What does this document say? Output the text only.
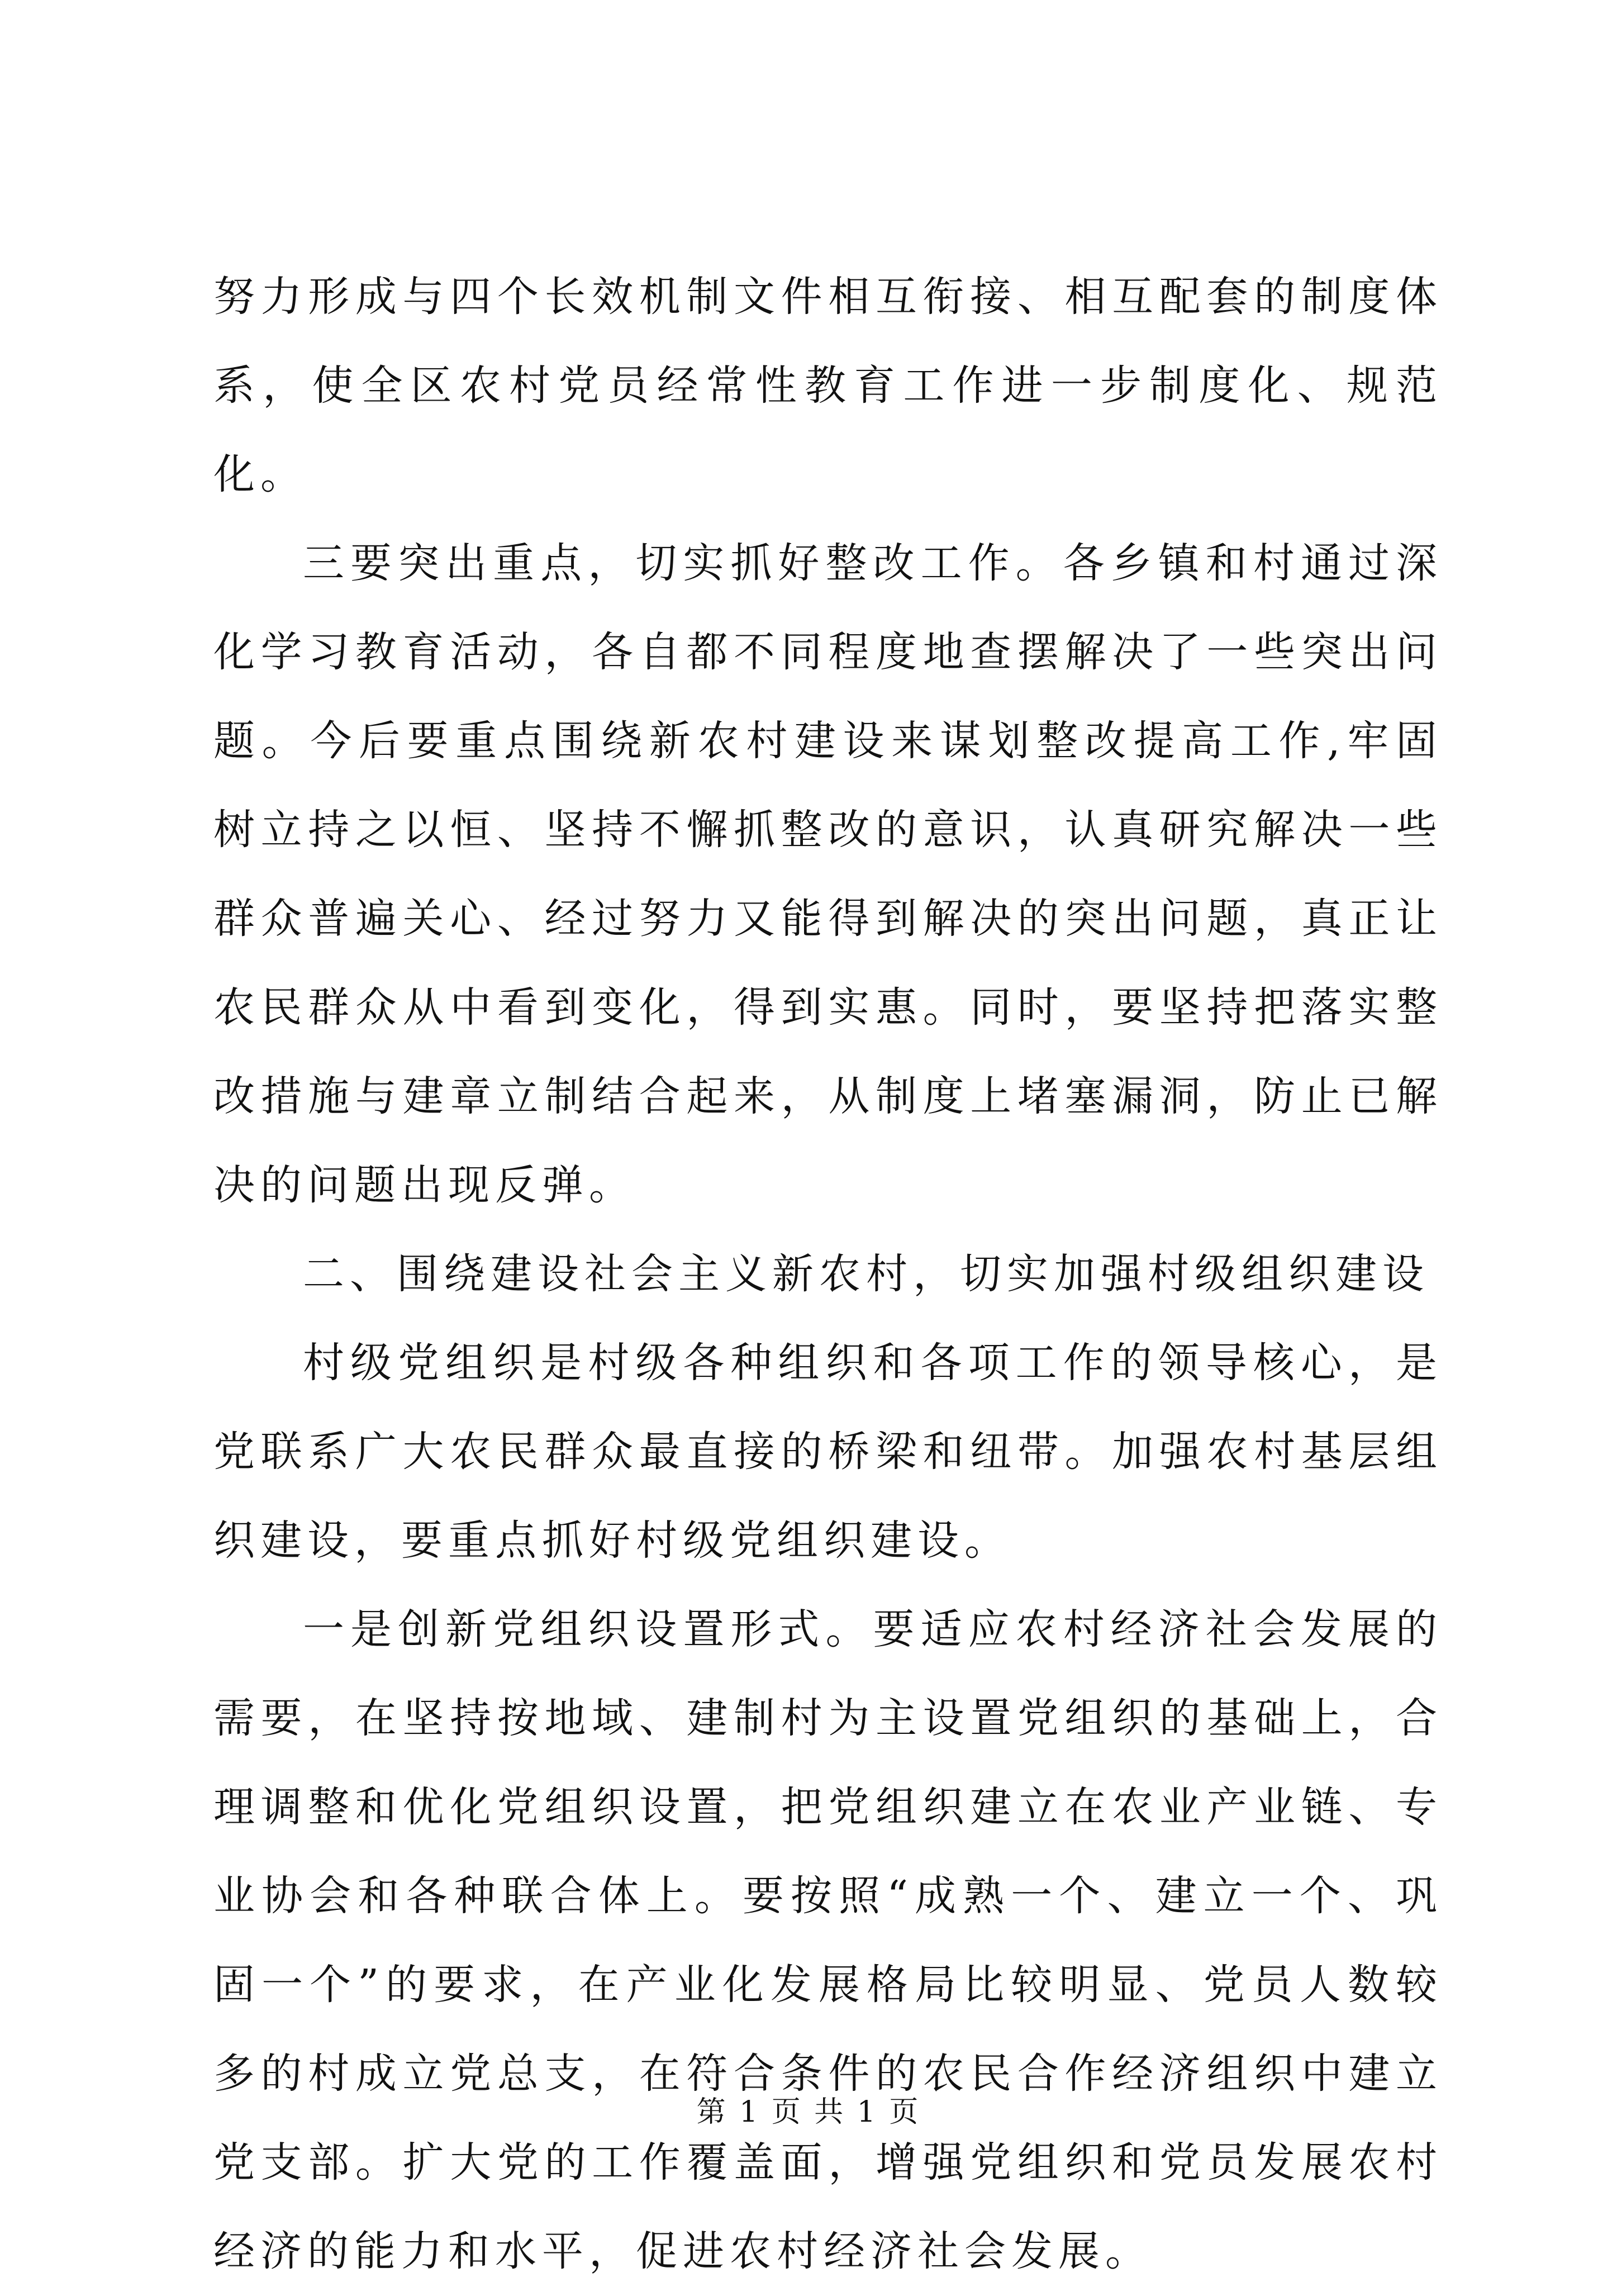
努力形成与四个长效机制文件相互衔接、相互配套的制度体系，使全区农村党员经常性教育工作进一步制度化、规范化。

三要突出重点，切实抓好整改工作。各乡镇和村通过深化学习教育活动，各自都不同程度地查摆解决了一些突出问题。今后要重点围绕新农村建设来谋划整改提高工作,牢固树立持之以恒、坚持不懈抓整改的意识，认真研究解决一些群众普遍关心、经过努力又能得到解决的突出问题，真正让农民群众从中看到变化，得到实惠。同时，要坚持把落实整改措施与建章立制结合起来，从制度上堵塞漏洞，防止已解决的问题出现反弹。

二、围绕建设社会主义新农村，切实加强村级组织建设

村级党组织是村级各种组织和各项工作的领导核心，是党联系广大农民群众最直接的桥梁和纽带。加强农村基层组织建设，要重点抓好村级党组织建设。

一是创新党组织设置形式。要适应农村经济社会发展的需要，在坚持按地域、建制村为主设置党组织的基础上，合理调整和优化党组织设置，把党组织建立在农业产业链、专业协会和各种联合体上。要按照“成熟一个、建立一个、巩固一个”的要求，在产业化发展格局比较明显、党员人数较多的村成立党总支，在符合条件的农民合作经济组织中建立党支部。扩大党的工作覆盖面，增强党组织和党员发展农村经济的能力和水平，促进农村经济社会发展。

第 1 页 共 1 页
